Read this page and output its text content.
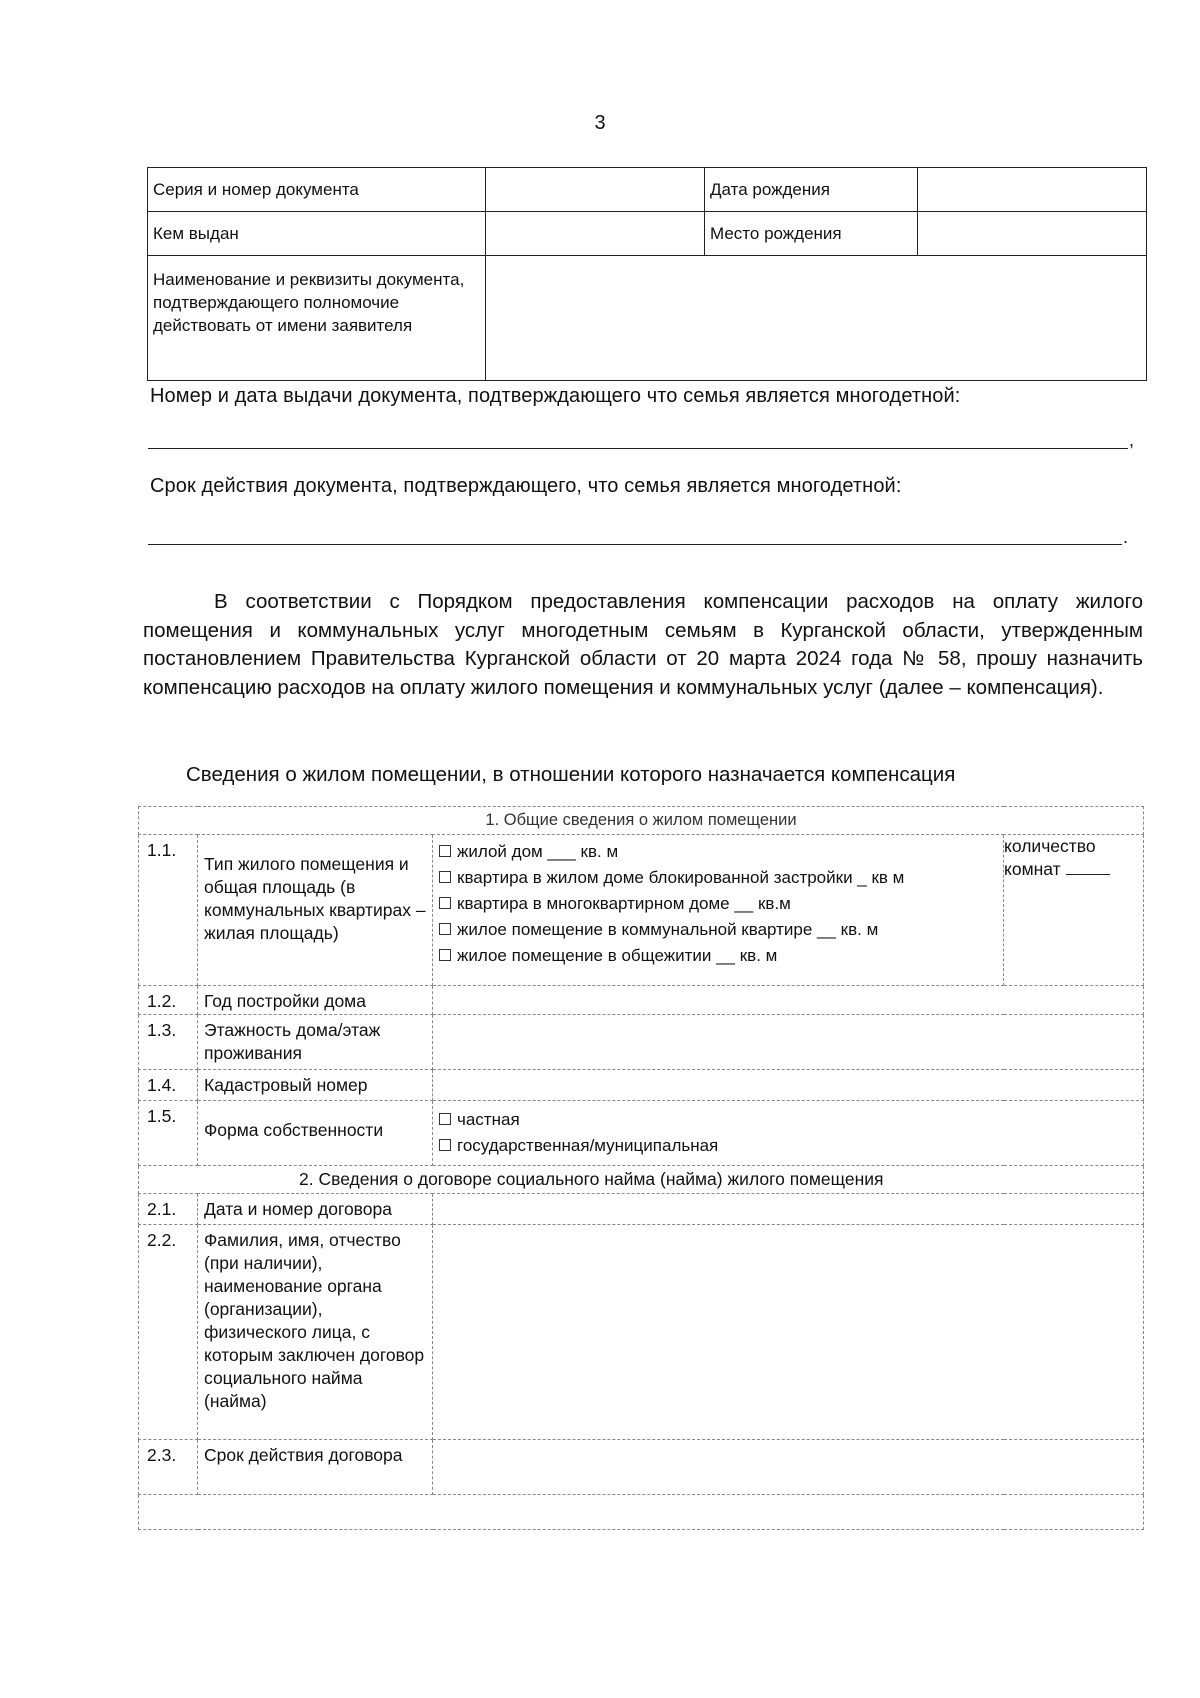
3
Серия и номер документа		Дата рождения	
Кем выдан		Место рождения	
Наименование и реквизиты документа, подтверждающего полномочие действовать от имени заявителя			
Номер и дата выдачи документа, подтверждающего что семья является многодетной:
,
Срок действия документа, подтверждающего, что семья является многодетной:
.
В соответствии с Порядком предоставления компенсации расходов на оплату жилого помещения и коммунальных услуг многодетным семьям в Курганской области, утвержденным постановлением Правительства Курганской области от 20 марта 2024 года № 58, прошу назначить компенсацию расходов на оплату жилого помещения и коммунальных услуг (далее – компенсация).
Сведения о жилом помещении, в отношении которого назначается компенсация
1. Общие сведения о жилом помещении			
1.1.	Тип жилого помещения и общая площадь (в коммунальных квартирах – жилая площадь)	жилой дом ___ кв. м
квартира в жилом доме блокированной застройки _ кв м
квартира в многоквартирном доме __ кв.м
жилое помещение в коммунальной квартире __ кв. м
жилое помещение в общежитии __ кв. м	количество комнат
1.2.	Год постройки дома		
1.3.	Этажность дома/этаж проживания		
1.4.	Кадастровый номер		
1.5.	Форма собственности	частная
государственная/муниципальная	

2. Сведения о договоре социального найма (найма) жилого помещения			
2.1.	Дата и номер договора		
2.2.	Фамилия, имя, отчество (при наличии), наименование органа (организации), физического лица, с которым заключен договор социального найма (найма)		
2.3.	Срок действия договора		
